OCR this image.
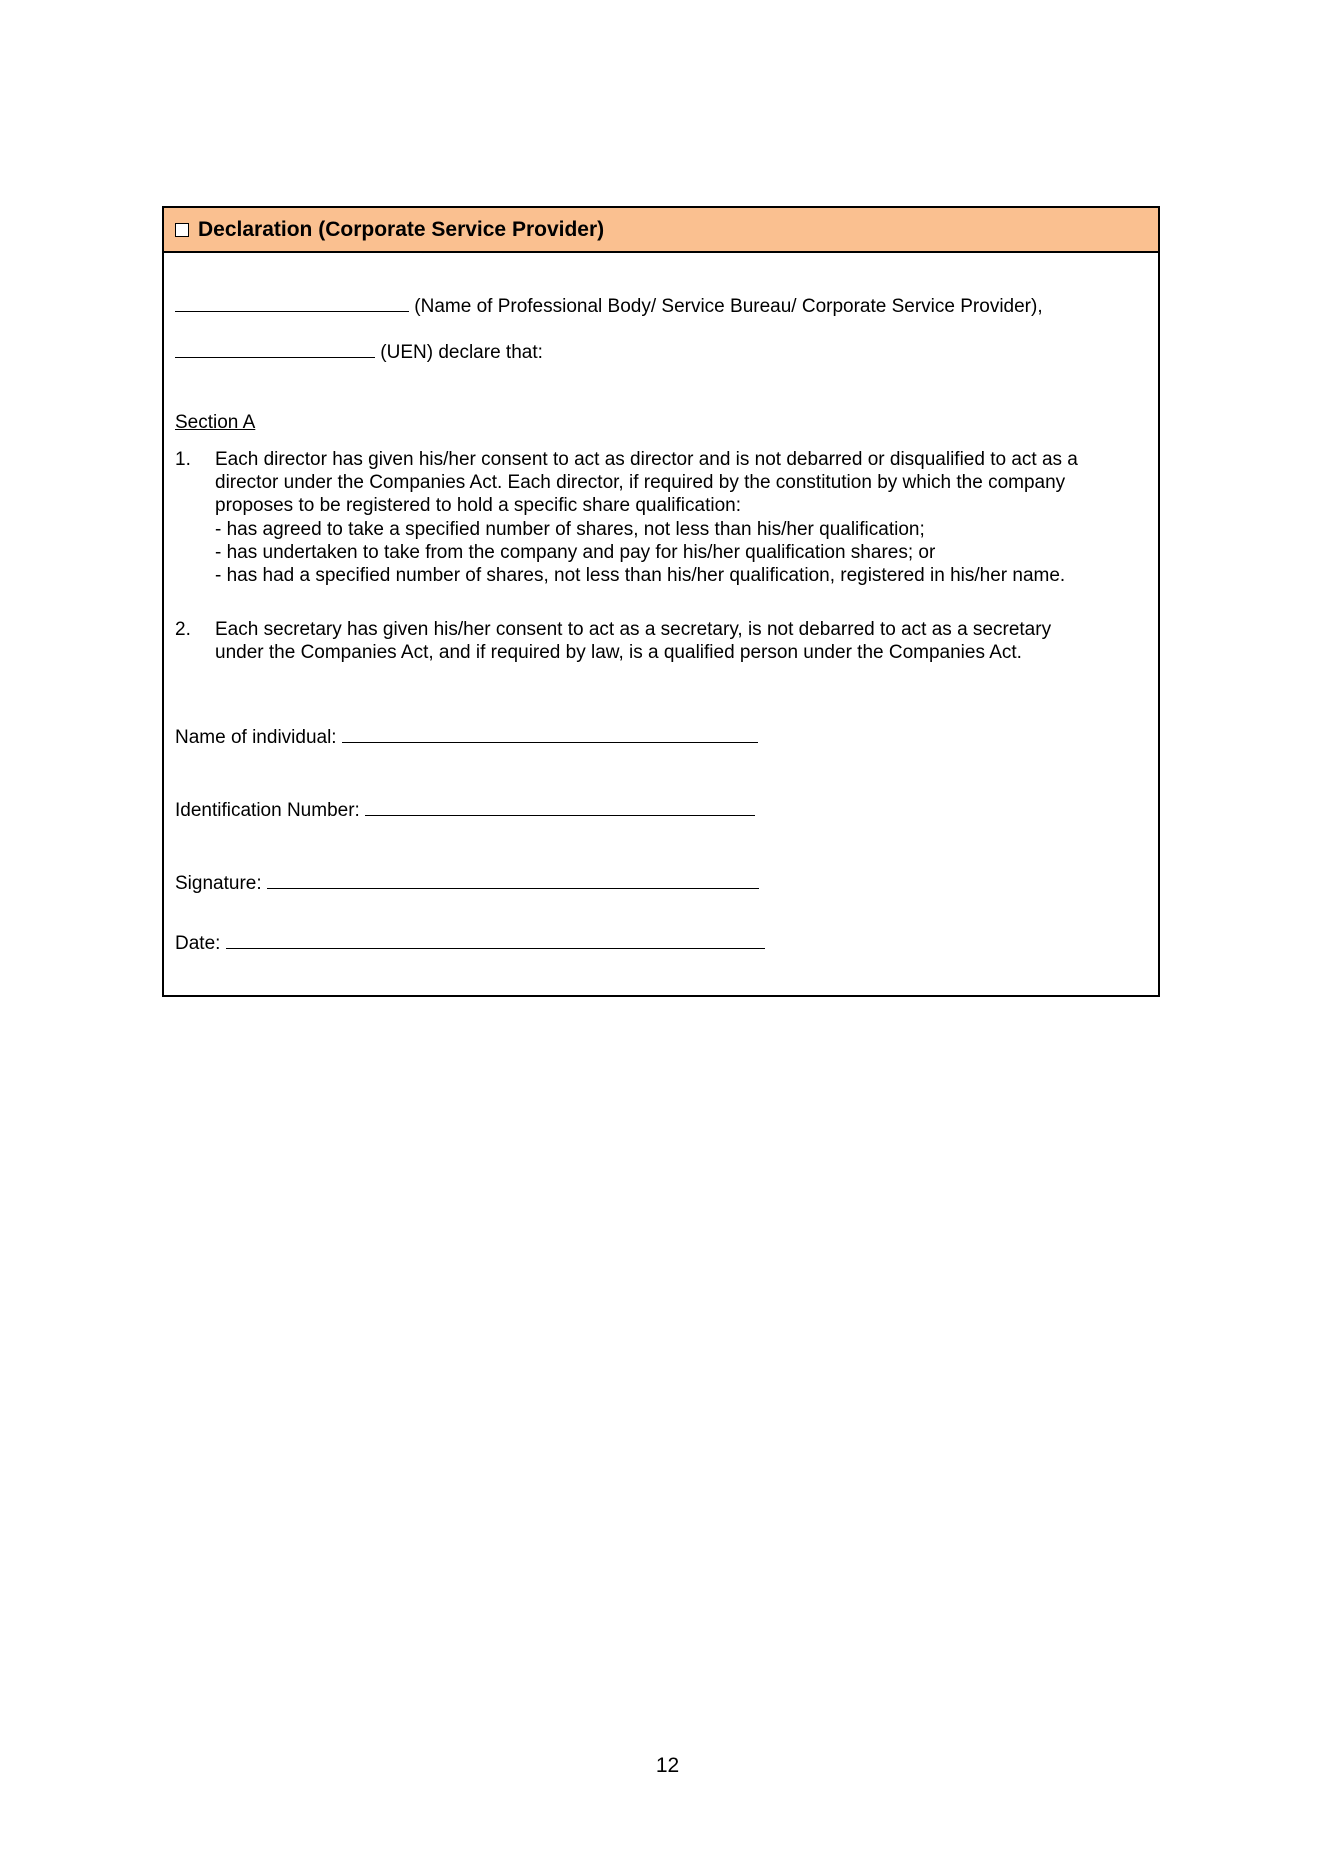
Declaration (Corporate Service Provider)
(Name of Professional Body/ Service Bureau/ Corporate Service Provider),
(UEN) declare that:
Section A
1. Each director has given his/her consent to act as director and is not debarred or disqualified to act as a
director under the Companies Act. Each director, if required by the constitution by which the company
proposes to be registered to hold a specific share qualification:
- has agreed to take a specified number of shares, not less than his/her qualification;
- has undertaken to take from the company and pay for his/her qualification shares; or
- has had a specified number of shares, not less than his/her qualification, registered in his/her name.
2. Each secretary has given his/her consent to act as a secretary, is not debarred to act as a secretary
under the Companies Act, and if required by law, is a qualified person under the Companies Act.
Name of individual:
Identification Number:
Signature:
Date:
12
